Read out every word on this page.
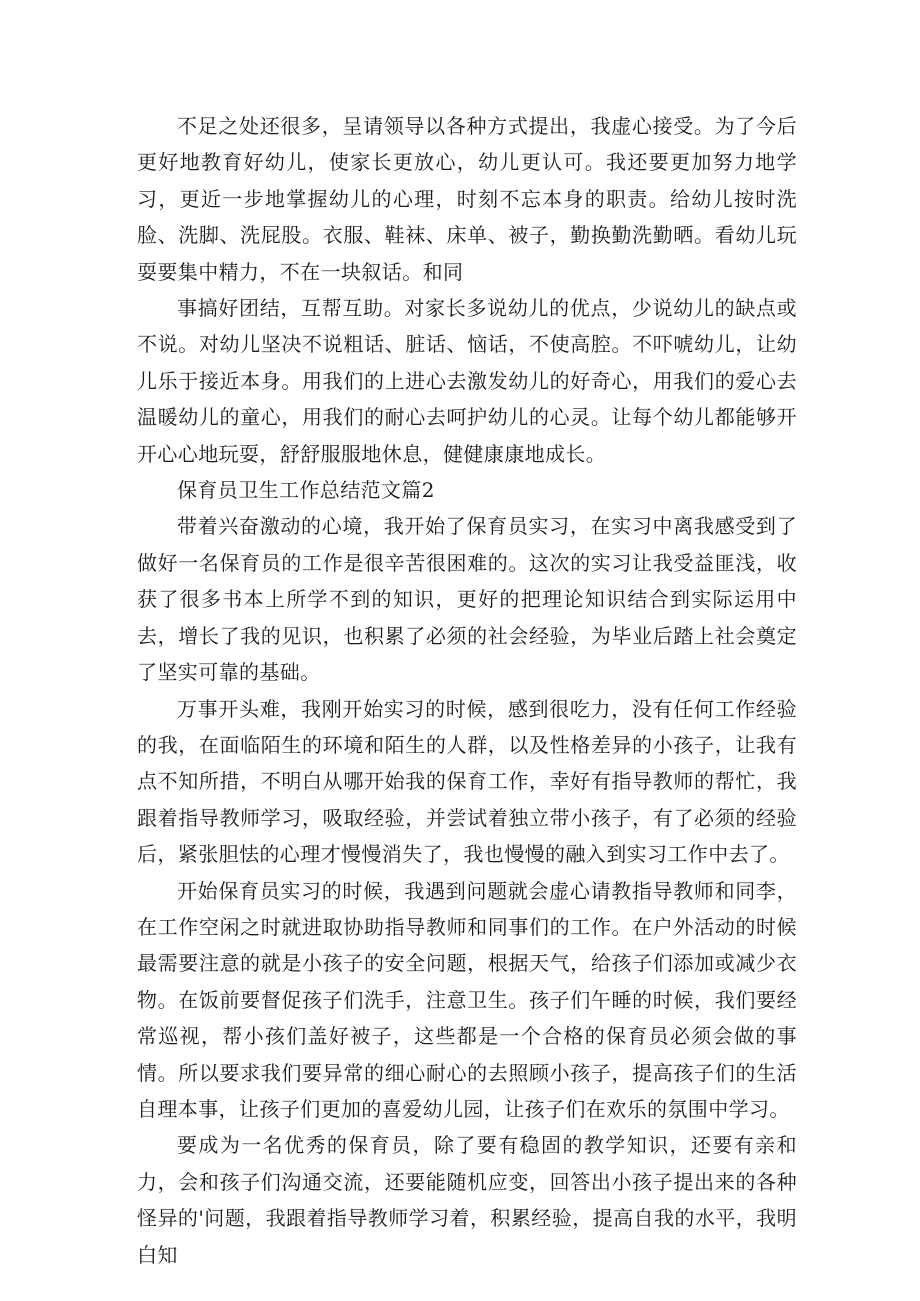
不足之处还很多，呈请领导以各种方式提出，我虚心接受。为了今后更好地教育好幼儿，使家长更放心，幼儿更认可。我还要更加努力地学习，更近一步地掌握幼儿的心理，时刻不忘本身的职责。给幼儿按时洗脸、洗脚、洗屁股。衣服、鞋袜、床单、被子，勤换勤洗勤晒。看幼儿玩耍要集中精力，不在一块叙话。和同

事搞好团结，互帮互助。对家长多说幼儿的优点，少说幼儿的缺点或不说。对幼儿坚决不说粗话、脏话、恼话，不使高腔。不吓唬幼儿，让幼儿乐于接近本身。用我们的上进心去激发幼儿的好奇心，用我们的爱心去温暖幼儿的童心，用我们的耐心去呵护幼儿的心灵。让每个幼儿都能够开开心心地玩耍，舒舒服服地休息，健健康康地成长。

保育员卫生工作总结范文篇2

带着兴奋激动的心境，我开始了保育员实习，在实习中离我感受到了做好一名保育员的工作是很辛苦很困难的。这次的实习让我受益匪浅，收获了很多书本上所学不到的知识，更好的把理论知识结合到实际运用中去，增长了我的见识，也积累了必须的社会经验，为毕业后踏上社会奠定了坚实可靠的基础。

万事开头难，我刚开始实习的时候，感到很吃力，没有任何工作经验的我，在面临陌生的环境和陌生的人群，以及性格差异的小孩子，让我有点不知所措，不明白从哪开始我的保育工作，幸好有指导教师的帮忙，我跟着指导教师学习，吸取经验，并尝试着独立带小孩子，有了必须的经验后，紧张胆怯的心理才慢慢消失了，我也慢慢的融入到实习工作中去了。

开始保育员实习的时候，我遇到问题就会虚心请教指导教师和同李，在工作空闲之时就进取协助指导教师和同事们的工作。在户外活动的时候最需要注意的就是小孩子的安全问题，根据天气，给孩子们添加或减少衣物。在饭前要督促孩子们洗手，注意卫生。孩子们午睡的时候，我们要经常巡视，帮小孩们盖好被子，这些都是一个合格的保育员必须会做的事情。所以要求我们要异常的细心耐心的去照顾小孩子，提高孩子们的生活自理本事，让孩子们更加的喜爱幼儿园，让孩子们在欢乐的氛围中学习。

要成为一名优秀的保育员，除了要有稳固的教学知识，还要有亲和力，会和孩子们沟通交流，还要能随机应变，回答出小孩子提出来的各种怪异的'问题，我跟着指导教师学习着，积累经验，提高自我的水平，我明白知
